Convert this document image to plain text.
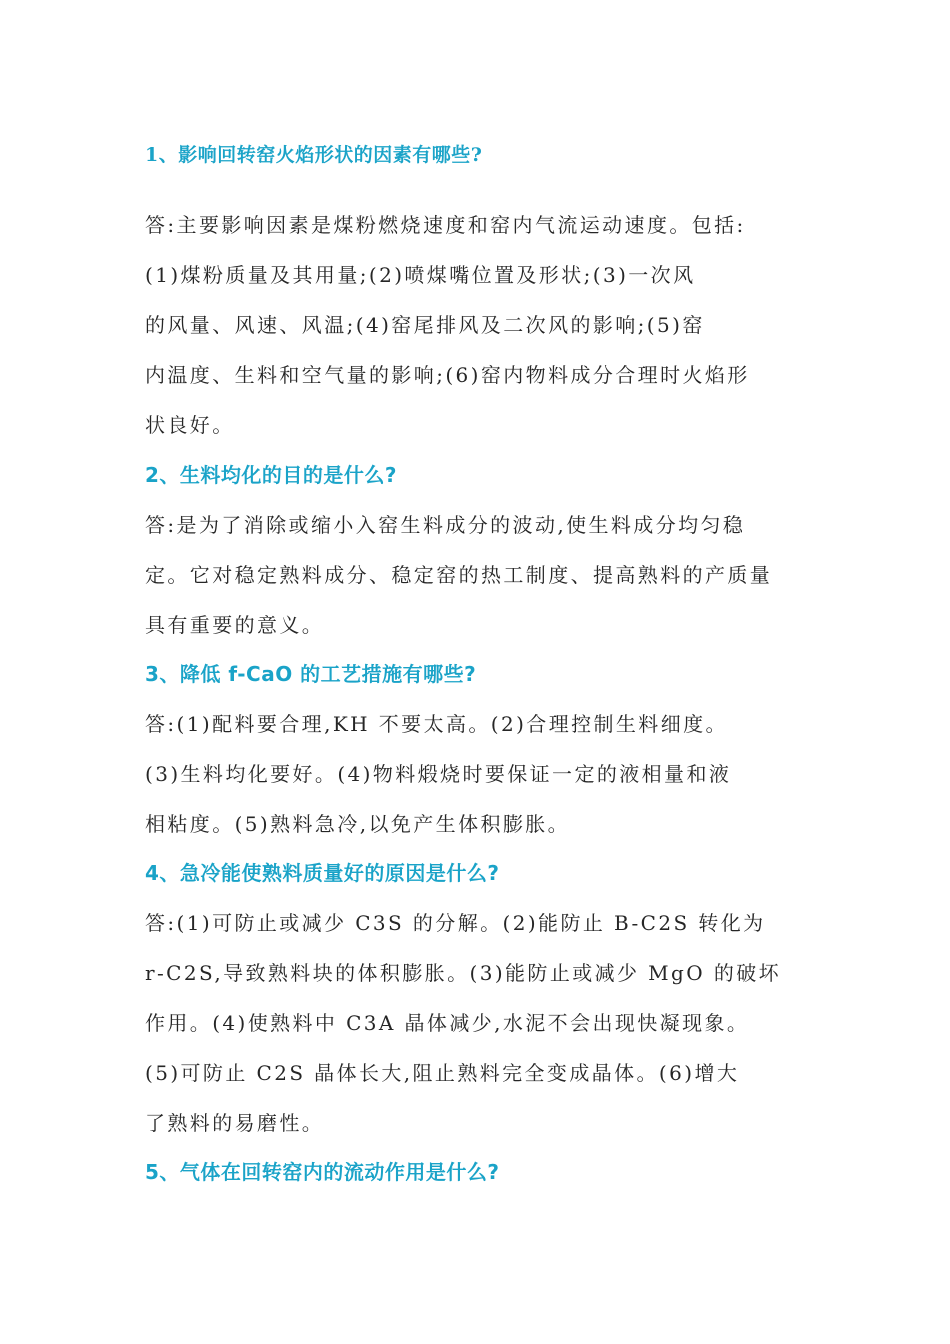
1、影响回转窑火焰形状的因素有哪些?
答:主要影响因素是煤粉燃烧速度和窑内气流运动速度。包括:
(1)煤粉质量及其用量;(2)喷煤嘴位置及形状;(3)一次风
的风量、风速、风温;(4)窑尾排风及二次风的影响;(5)窑
内温度、生料和空气量的影响;(6)窑内物料成分合理时火焰形
状良好。
2、生料均化的目的是什么?
答:是为了消除或缩小入窑生料成分的波动,使生料成分均匀稳
定。它对稳定熟料成分、稳定窑的热工制度、提高熟料的产质量
具有重要的意义。
3、降低 f-CaO 的工艺措施有哪些?
答:(1)配料要合理,KH 不要太高。(2)合理控制生料细度。
(3)生料均化要好。(4)物料煅烧时要保证一定的液相量和液
相粘度。(5)熟料急冷,以免产生体积膨胀。
4、急冷能使熟料质量好的原因是什么?
答:(1)可防止或减少 C3S 的分解。(2)能防止 B-C2S 转化为
r-C2S,导致熟料块的体积膨胀。(3)能防止或减少 MgO 的破坏
作用。(4)使熟料中 C3A 晶体减少,水泥不会出现快凝现象。
(5)可防止 C2S 晶体长大,阻止熟料完全变成晶体。(6)增大
了熟料的易磨性。
5、气体在回转窑内的流动作用是什么?
